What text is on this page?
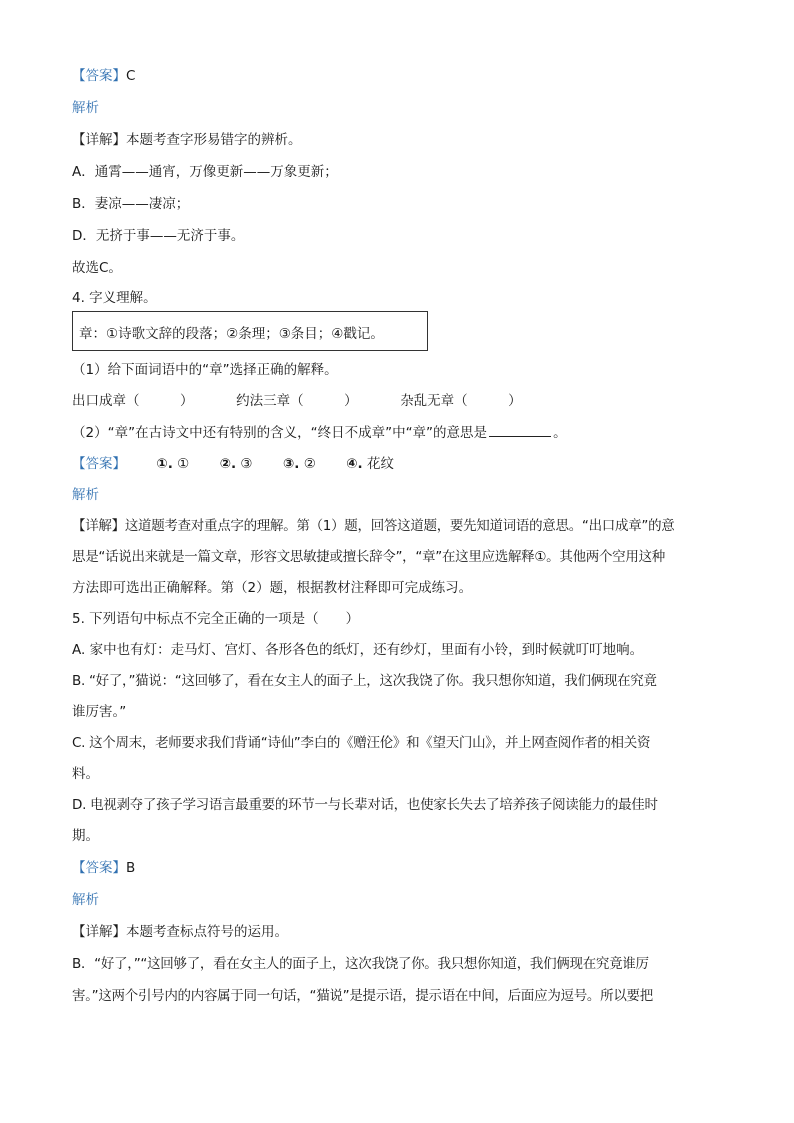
【答案】C
解析
【详解】本题考查字形易错字的辨析。
A．通霄——通宵，万像更新——万象更新；
B．妻凉——凄凉；
D．无挤于事——无济于事。
故选C。
4. 字义理解。
章：①诗歌文辞的段落；②条理；③条目；④戳记。
（1）给下面词语中的“章”选择正确的解释。
出口成章（　　　）	约法三章（　　　）	杂乱无章（　　　）
（2）“章”在古诗文中还有特别的含义，“终日不成章”中“章”的意思是	。
【答案】 ①. ① ②. ③ ③. ② ④. 花纹
解析
【详解】这道题考查对重点字的理解。第（1）题，回答这道题，要先知道词语的意思。“出口成章”的意
思是“话说出来就是一篇文章，形容文思敏捷或擅长辞令”，“章”在这里应选解释①。其他两个空用这种
方法即可选出正确解释。第（2）题，根据教材注释即可完成练习。
5. 下列语句中标点不完全正确的一项是（　　）
A. 家中也有灯：走马灯、宫灯、各形各色的纸灯，还有纱灯，里面有小铃，到时候就叮叮地响。
B. “好了，”猫说：“这回够了，看在女主人的面子上，这次我饶了你。我只想你知道，我们俩现在究竟
谁厉害。”
C. 这个周末，老师要求我们背诵“诗仙”李白的《赠汪伦》和《望天门山》，并上网查阅作者的相关资
料。
D. 电视剥夺了孩子学习语言最重要的环节一与长辈对话，也使家长失去了培养孩子阅读能力的最佳时
期。
【答案】B
解析
【详解】本题考查标点符号的运用。
B．“好了，”“这回够了，看在女主人的面子上，这次我饶了你。我只想你知道，我们俩现在究竟谁厉
害。”这两个引号内的内容属于同一句话，“猫说”是提示语，提示语在中间，后面应为逗号。所以要把
